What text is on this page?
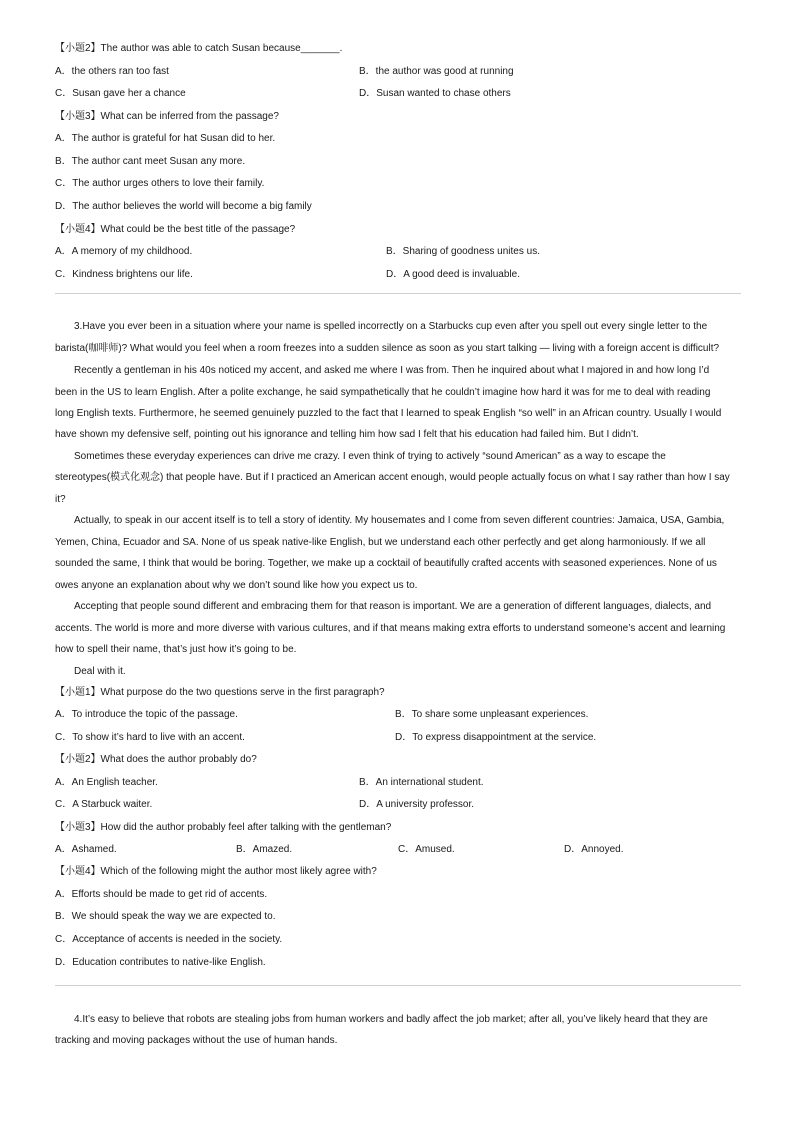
【小题2】The author was able to catch Susan because_______.
A．the others ran too fast	B．the author was good at running
C．Susan gave her a chance	D．Susan wanted to chase others
【小题3】What can be inferred from the passage?
A．The author is grateful for hat Susan did to her.
B．The author cant meet Susan any more.
C．The author urges others to love their family.
D．The author believes the world will become a big family
【小题4】What could be the best title of the passage?
A．A memory of my childhood.	B．Sharing of goodness unites us.
C．Kindness brightens our life.	D．A good deed is invaluable.
3.Have you ever been in a situation where your name is spelled incorrectly on a Starbucks cup even after you spell out every single letter to the
barista(咖啡师)? What would you feel when a room freezes into a sudden silence as soon as you start talking — living with a foreign accent is difficult?
Recently a gentleman in his 40s noticed my accent, and asked me where I was from. Then he inquired about what I majored in and how long I’d
been in the US to learn English. After a polite exchange, he said sympathetically that he couldn’t imagine how hard it was for me to deal with reading
long English texts. Furthermore, he seemed genuinely puzzled to the fact that I learned to speak English “so well” in an African country. Usually I would
have shown my defensive self, pointing out his ignorance and telling him how sad I felt that his education had failed him. But I didn’t.
Sometimes these everyday experiences can drive me crazy. I even think of trying to actively “sound American” as a way to escape the
stereotypes(模式化观念) that people have. But if I practiced an American accent enough, would people actually focus on what I say rather than how I say
it?
Actually, to speak in our accent itself is to tell a story of identity. My housemates and I come from seven different countries: Jamaica, USA, Gambia,
Yemen, China, Ecuador and SA. None of us speak native-like English, but we understand each other perfectly and get along harmoniously. If we all
sounded the same, I think that would be boring. Together, we make up a cocktail of beautifully crafted accents with seasoned experiences. None of us
owes anyone an explanation about why we don’t sound like how you expect us to.
Accepting that people sound different and embracing them for that reason is important. We are a generation of different languages, dialects, and
accents. The world is more and more diverse with various cultures, and if that means making extra efforts to understand someone’s accent and learning
how to spell their name, that’s just how it’s going to be.
Deal with it.
【小题1】What purpose do the two questions serve in the first paragraph?
A．To introduce the topic of the passage.	B．To share some unpleasant experiences.
C．To show it’s hard to live with an accent.	D．To express disappointment at the service.
【小题2】What does the author probably do?
A．An English teacher.	B．An international student.
C．A Starbuck waiter.	D．A university professor.
【小题3】How did the author probably feel after talking with the gentleman?
A．Ashamed.	B．Amazed.	C．Amused.	D．Annoyed.
【小题4】Which of the following might the author most likely agree with?
A．Efforts should be made to get rid of accents.
B．We should speak the way we are expected to.
C．Acceptance of accents is needed in the society.
D．Education contributes to native-like English.
4.It’s easy to believe that robots are stealing jobs from human workers and badly affect the job market; after all, you’ve likely heard that they are
tracking and moving packages without the use of human hands.
